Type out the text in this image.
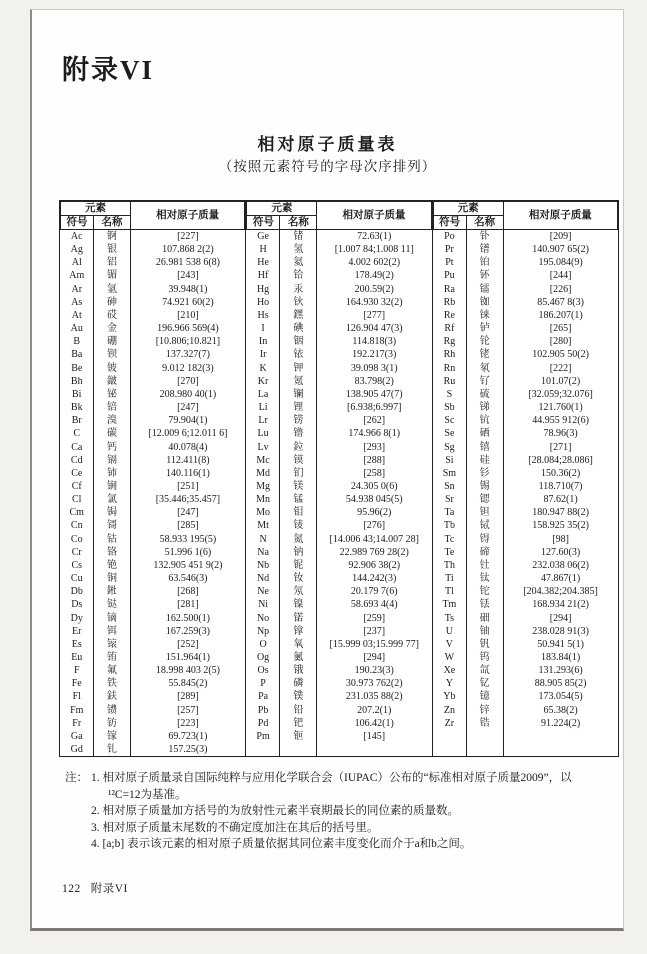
附录VI
相对原子质量表
（按照元素符号的字母次序排列）
元素		相对原子质量
符号	名称	
Ac	锕	[227]
Ag	银	107.868 2(2)
Al	铝	26.981 538 6(8)
Am	镅	[243]
Ar	氩	39.948(1)
As	砷	74.921 60(2)
At	砹	[210]
Au	金	196.966 569(4)
B	硼	[10.806;10.821]
Ba	钡	137.327(7)
Be	铍	9.012 182(3)
Bh	𨨏	[270]
Bi	铋	208.980 40(1)
Bk	锫	[247]
Br	溴	79.904(1)
C	碳	[12.009 6;12.011 6]
Ca	钙	40.078(4)
Cd	镉	112.411(8)
Ce	铈	140.116(1)
Cf	锎	[251]
Cl	氯	[35.446;35.457]
Cm	锔	[247]
Cn	鿔	[285]
Co	钴	58.933 195(5)
Cr	铬	51.996 1(6)
Cs	铯	132.905 451 9(2)
Cu	铜	63.546(3)
Db	𨧀	[268]
Ds	𫟼	[281]
Dy	镝	162.500(1)
Er	铒	167.259(3)
Es	锿	[252]
Eu	铕	151.964(1)
F	氟	18.998 403 2(5)
Fe	铁	55.845(2)
Fl	鈇	[289]
Fm	镄	[257]
Fr	钫	[223]
Ga	镓	69.723(1)
Gd	钆	157.25(3)
元素		相对原子质量
符号	名称	
Ge	锗	72.63(1)
H	氢	[1.007 84;1.008 11]
He	氦	4.002 602(2)
Hf	铪	178.49(2)
Hg	汞	200.59(2)
Ho	钬	164.930 32(2)
Hs	𨭆	[277]
I	碘	126.904 47(3)
In	铟	114.818(3)
Ir	铱	192.217(3)
K	钾	39.098 3(1)
Kr	氪	83.798(2)
La	镧	138.905 47(7)
Li	锂	[6.938;6.997]
Lr	铹	[262]
Lu	镥	174.966 8(1)
Lv	鉝	[293]
Mc	镆	[288]
Md	钔	[258]
Mg	镁	24.305 0(6)
Mn	锰	54.938 045(5)
Mo	钼	95.96(2)
Mt	鿏	[276]
N	氮	[14.006 43;14.007 28]
Na	钠	22.989 769 28(2)
Nb	铌	92.906 38(2)
Nd	钕	144.242(3)
Ne	氖	20.179 7(6)
Ni	镍	58.693 4(4)
No	锘	[259]
Np	镎	[237]
O	氧	[15.999 03;15.999 77]
Og	鿫	[294]
Os	锇	190.23(3)
P	磷	30.973 762(2)
Pa	镤	231.035 88(2)
Pb	铅	207.2(1)
Pd	钯	106.42(1)
Pm	钷	[145]

元素		相对原子质量
符号	名称	
Po	钋	[209]
Pr	镨	140.907 65(2)
Pt	铂	195.084(9)
Pu	钚	[244]
Ra	镭	[226]
Rb	铷	85.467 8(3)
Re	铼	186.207(1)
Rf	𬬻	[265]
Rg	𬬭	[280]
Rh	铑	102.905 50(2)
Rn	氡	[222]
Ru	钌	101.07(2)
S	硫	[32.059;32.076]
Sb	锑	121.760(1)
Sc	钪	44.955 912(6)
Se	硒	78.96(3)
Sg	𬭳	[271]
Si	硅	[28.084;28.086]
Sm	钐	150.36(2)
Sn	锡	118.710(7)
Sr	锶	87.62(1)
Ta	钽	180.947 88(2)
Tb	铽	158.925 35(2)
Tc	锝	[98]
Te	碲	127.60(3)
Th	钍	232.038 06(2)
Ti	钛	47.867(1)
Tl	铊	[204.382;204.385]
Tm	铥	168.934 21(2)
Ts	鿬	[294]
U	铀	238.028 91(3)
V	钒	50.941 5(1)
W	钨	183.84(1)
Xe	氙	131.293(6)
Y	钇	88.905 85(2)
Yb	镱	173.054(5)
Zn	锌	65.38(2)
Zr	锆	91.224(2)

注： 1. 相对原子质量录自国际纯粹与应用化学联合会（IUPAC）公布的“标准相对原子质量2009”，以¹²C=12为基准。
2. 相对原子质量加方括号的为放射性元素半衰期最长的同位素的质量数。
3. 相对原子质量末尾数的不确定度加注在其后的括号里。
4. [a;b] 表示该元素的相对原子质量依据其同位素丰度变化而介于a和b之间。
122 附录VI
